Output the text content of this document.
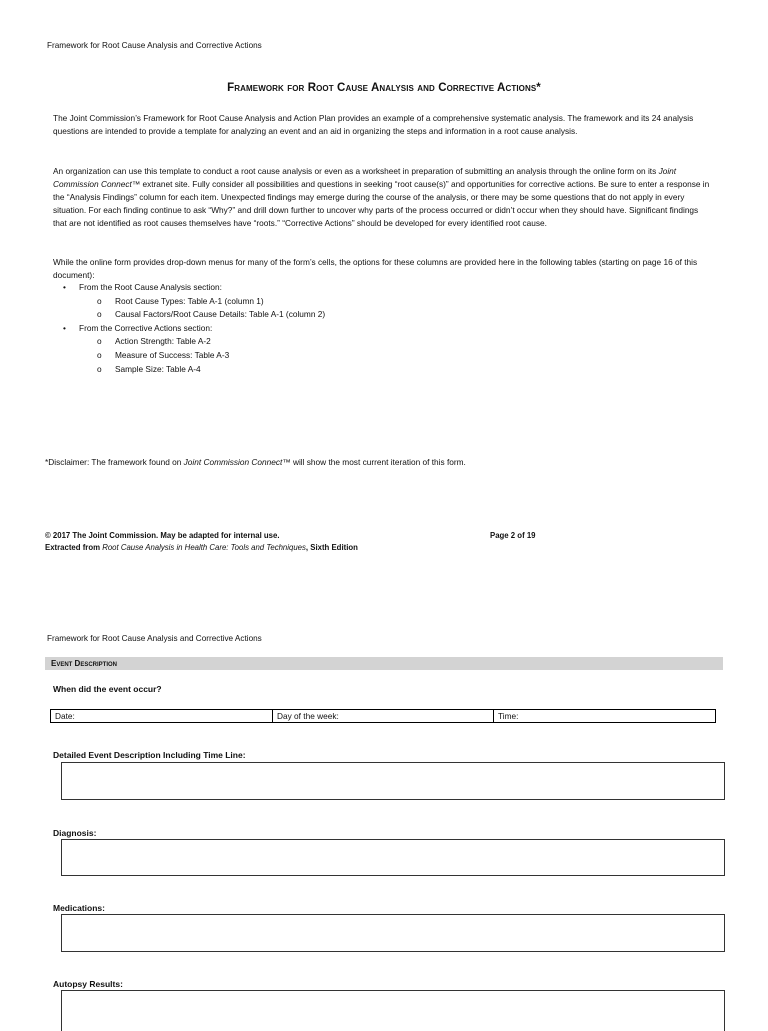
Framework for Root Cause Analysis and Corrective Actions
Framework for Root Cause Analysis and Corrective Actions*

The Joint Commission’s Framework for Root Cause Analysis and Action Plan provides an example of a comprehensive systematic analysis. The framework and its 24 analysis questions are intended to provide a template for analyzing an event and an aid in organizing the steps and information in a root cause analysis.

An organization can use this template to conduct a root cause analysis or even as a worksheet in preparation of submitting an analysis through the online form on its Joint Commission Connect™ extranet site. Fully consider all possibilities and questions in seeking “root cause(s)” and opportunities for corrective actions. Be sure to enter a response in the “Analysis Findings” column for each item. Unexpected findings may emerge during the course of the analysis, or there may be some questions that do not apply in every situation. For each finding continue to ask “Why?” and drill down further to uncover why parts of the process occurred or didn’t occur when they should have. Significant findings that are not identified as root causes themselves have “roots.” “Corrective Actions” should be developed for every identified root cause.

While the online form provides drop-down menus for many of the form’s cells, the options for these columns are provided here in the following tables (starting on page 16 of this document):

• From the Root Cause Analysis section:
o Root Cause Types: Table A-1 (column 1)
o Causal Factors/Root Cause Details: Table A-1 (column 2)
• From the Corrective Actions section:
o Action Strength: Table A-2
o Measure of Success: Table A-3
o Sample Size: Table A-4

*Disclaimer: The framework found on Joint Commission Connect™ will show the most current iteration of this form.

© 2017 The Joint Commission. May be adapted for internal use.	Page 2 of 19
Extracted from Root Cause Analysis in Health Care: Tools and Techniques, Sixth Edition
Framework for Root Cause Analysis and Corrective Actions
Event Description
When did the event occur?
Date:	Day of the week:	Time:
Detailed Event Description Including Time Line:
Diagnosis:
Medications:
Autopsy Results:
